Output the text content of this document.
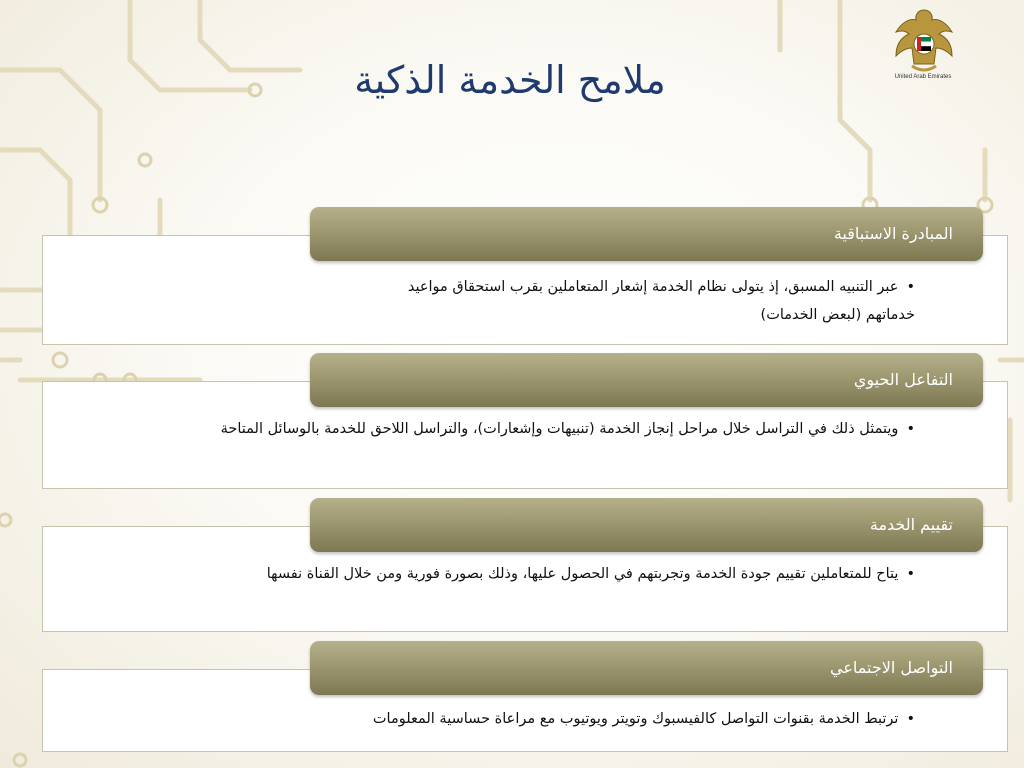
United Arab Emirates
ملامح الخدمة الذكية
المبادرة الاستباقية
•عبر التنبيه المسبق، إذ يتولى نظام الخدمة إشعار المتعاملين بقرب استحقاق مواعيد خدماتهم (لبعض الخدمات)
التفاعل الحيوي
•ويتمثل ذلك في التراسل خلال مراحل إنجاز الخدمة (تنبيهات وإشعارات)، والتراسل اللاحق للخدمة بالوسائل المتاحة
تقييم الخدمة
•يتاح للمتعاملين تقييم جودة الخدمة وتجربتهم في الحصول عليها، وذلك بصورة فورية ومن خلال القناة نفسها
التواصل الاجتماعي
•ترتبط الخدمة بقنوات التواصل كالفيسبوك وتويتر ويوتيوب مع مراعاة حساسية المعلومات
